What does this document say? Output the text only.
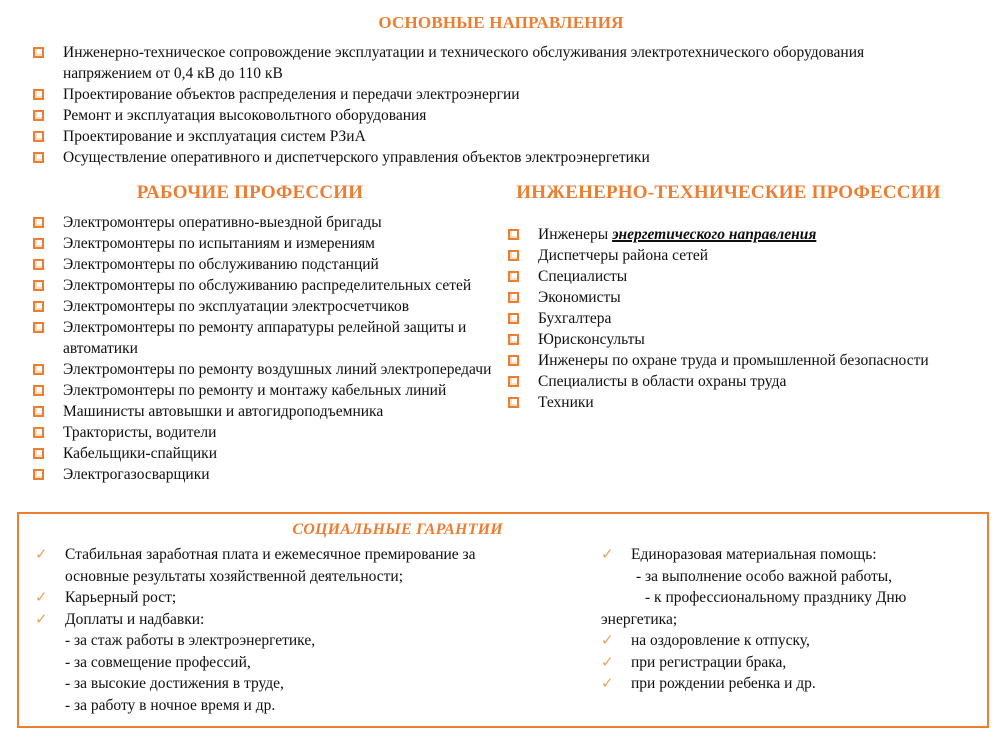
ОСНОВНЫЕ НАПРАВЛЕНИЯ
Инженерно-техническое сопровождение эксплуатации и технического обслуживания электротехнического оборудования напряжением от 0,4 кВ до 110 кВ
Проектирование объектов распределения и передачи электроэнергии
Ремонт и эксплуатация высоковольтного оборудования
Проектирование и эксплуатация систем РЗиА
Осуществление оперативного и диспетчерского управления объектов электроэнергетики
РАБОЧИЕ ПРОФЕССИИ
Электромонтеры оперативно-выездной бригады
Электромонтеры по испытаниям и измерениям
Электромонтеры по обслуживанию подстанций
Электромонтеры по обслуживанию распределительных сетей
Электромонтеры по эксплуатации электросчетчиков
Электромонтеры по ремонту аппаратуры релейной защиты и автоматики
Электромонтеры по ремонту воздушных линий электропередачи
Электромонтеры по ремонту и монтажу кабельных линий
Машинисты автовышки и автогидроподъемника
Трактористы, водители
Кабельщики-спайщики
Электрогазосварщики
ИНЖЕНЕРНО-ТЕХНИЧЕСКИЕ ПРОФЕССИИ
Инженеры энергетического направления
Диспетчеры района сетей
Специалисты
Экономисты
Бухгалтера
Юрисконсульты
Инженеры по охране труда и промышленной безопасности
Специалисты в области охраны труда
Техники
СОЦИАЛЬНЫЕ ГАРАНТИИ
✓	Стабильная заработная плата и ежемесячное премирование за основные результаты хозяйственной деятельности;
✓	Карьерный рост;
✓	Доплаты и надбавки:
- за стаж работы в электроэнергетике,
- за совмещение профессий,
- за высокие достижения в труде,
- за работу в ночное время и др.
✓	Единоразовая материальная помощь:
- за выполнение особо важной работы,
- к профессиональному празднику Дню
энергетика;
✓	на оздоровление к отпуску,
✓	при регистрации брака,
✓	при рождении ребенка и др.
